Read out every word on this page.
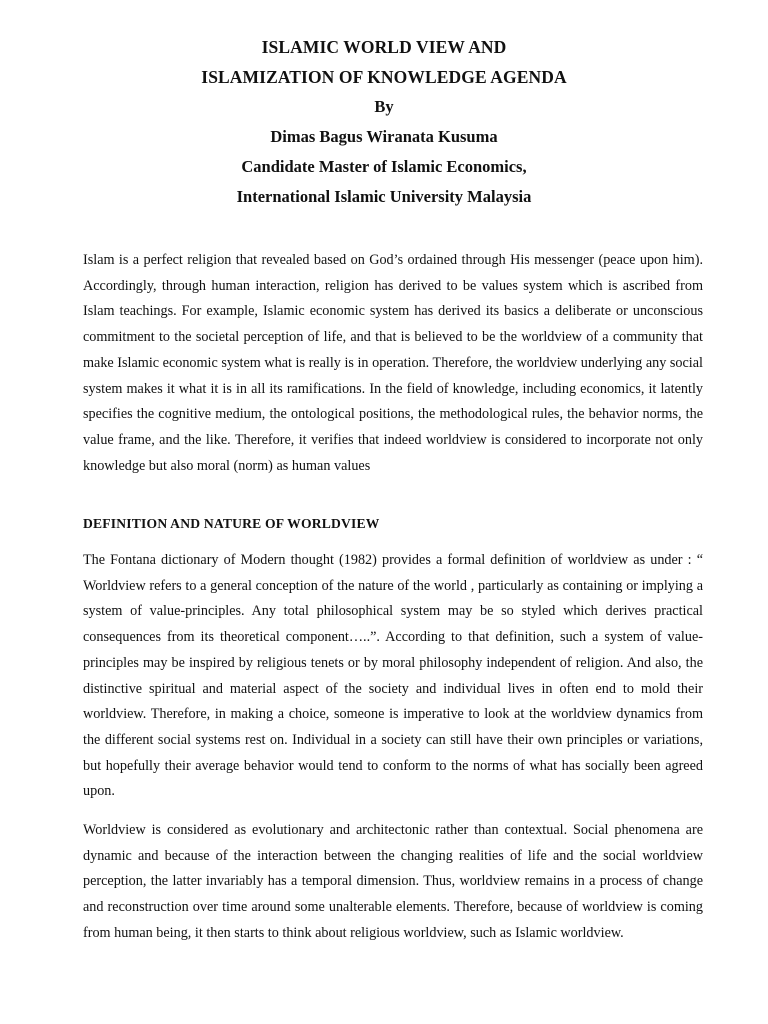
ISLAMIC WORLD VIEW AND
ISLAMIZATION OF KNOWLEDGE AGENDA
By
Dimas Bagus Wiranata Kusuma
Candidate Master of Islamic Economics,
International Islamic University Malaysia

Islam is a perfect religion that revealed based on God’s ordained through His messenger (peace upon him). Accordingly, through human interaction, religion has derived to be values system which is ascribed from Islam teachings. For example, Islamic economic system has derived its basics a deliberate or unconscious commitment to the societal perception of life, and that is believed to be the worldview of a community that make Islamic economic system what is really is in operation. Therefore, the worldview underlying any social system makes it what it is in all its ramifications. In the field of knowledge, including economics, it latently specifies the cognitive medium, the ontological positions, the methodological rules, the behavior norms, the value frame, and the like. Therefore, it verifies that indeed worldview is considered to incorporate not only knowledge but also moral (norm) as human values

DEFINITION AND NATURE OF WORLDVIEW

The Fontana dictionary of Modern thought (1982) provides a formal definition of worldview as under : “ Worldview refers to a general conception of the nature of the world , particularly as containing or implying a system of value-principles. Any total philosophical system may be so styled which derives practical consequences from its theoretical component…..”. According to that definition, such a system of value-principles may be inspired by religious tenets or by moral philosophy independent of religion. And also, the distinctive spiritual and material aspect of the society and individual lives in often end to mold their worldview. Therefore, in making a choice, someone is imperative to look at the worldview dynamics from the different social systems rest on. Individual in a society can still have their own principles or variations, but hopefully their average behavior would tend to conform to the norms of what has socially been agreed upon.

Worldview is considered as evolutionary and architectonic rather than contextual. Social phenomena are dynamic and because of the interaction between the changing realities of life and the social worldview perception, the latter invariably has a temporal dimension. Thus, worldview remains in a process of change and reconstruction over time around some unalterable elements. Therefore, because of worldview is coming from human being, it then starts to think about religious worldview, such as Islamic worldview.
